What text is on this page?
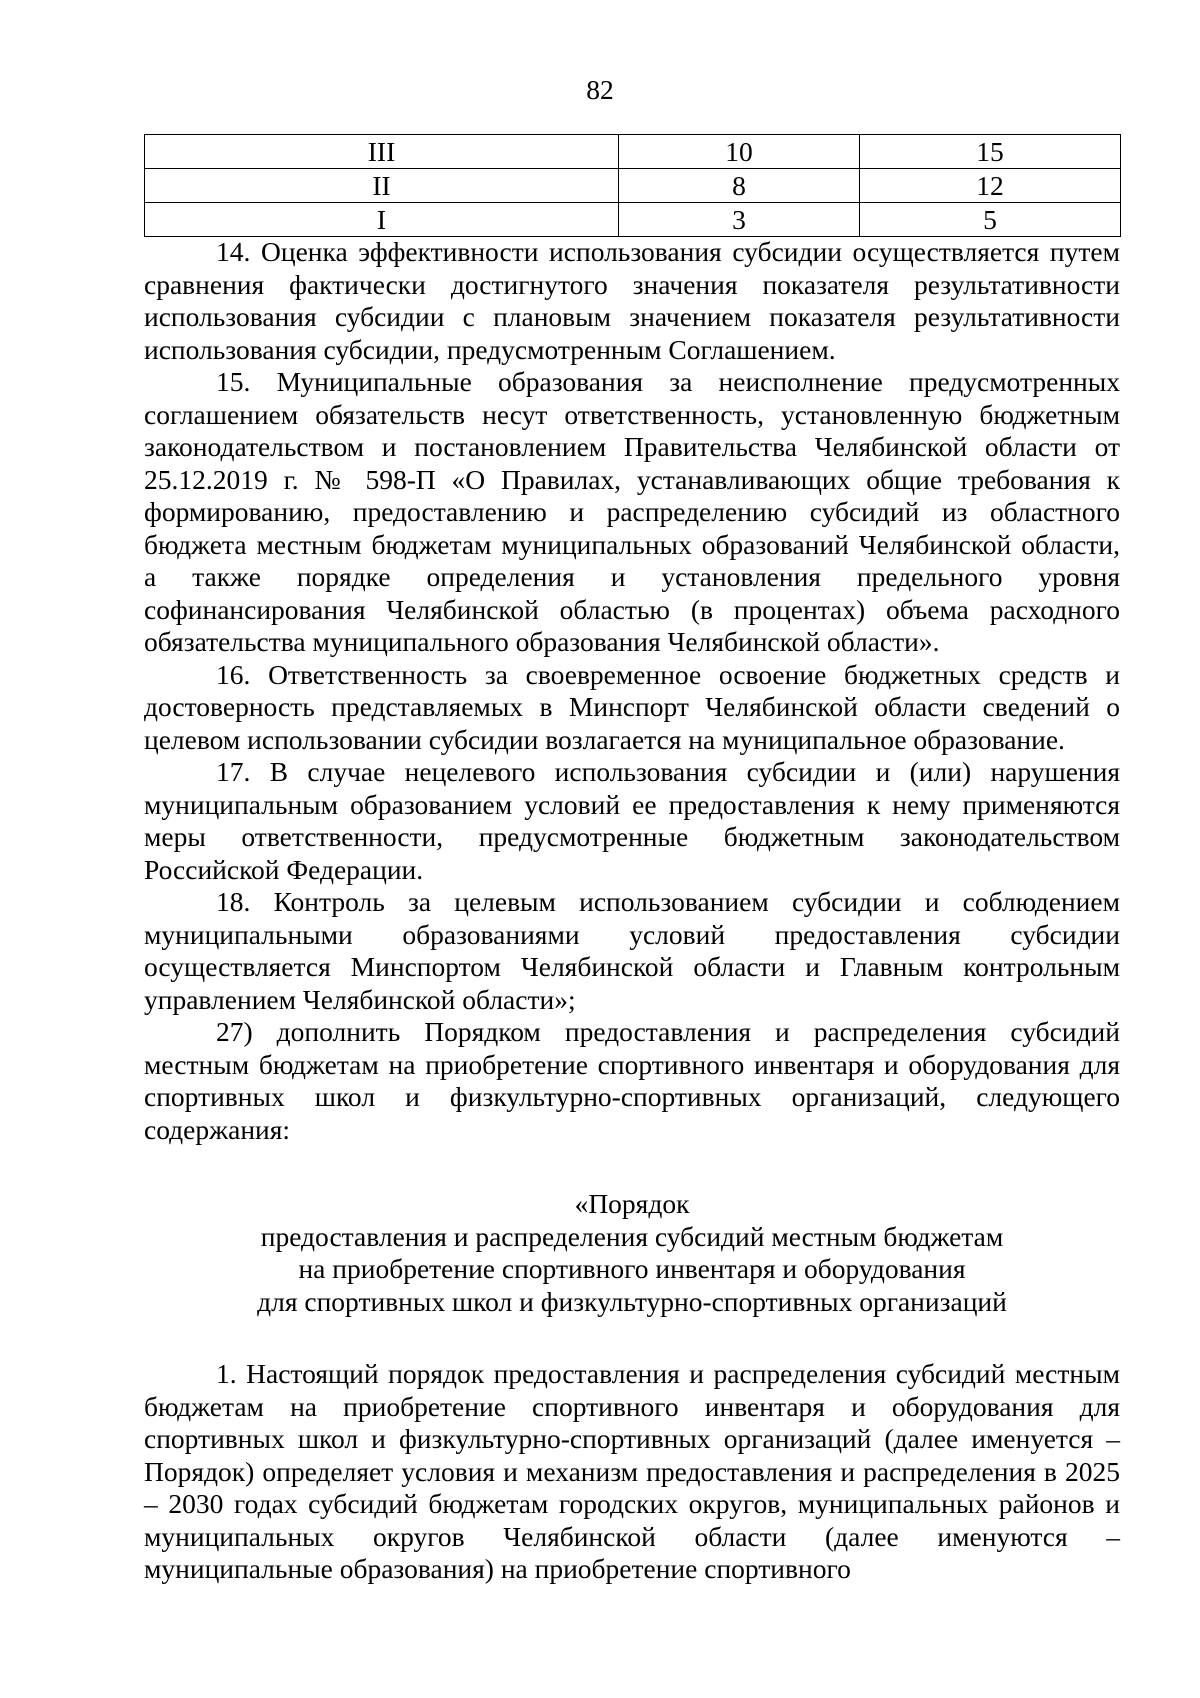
82
III	10	15
II	8	12
I	3	5

14. Оценка эффективности использования субсидии осуществляется путем сравнения фактически достигнутого значения показателя результативности использования субсидии с плановым значением показателя результативности использования субсидии, предусмотренным Соглашением.

15. Муниципальные образования за неисполнение предусмотренных соглашением обязательств несут ответственность, установленную бюджетным законодательством и постановлением Правительства Челябинской области от 25.12.2019 г. № 598-П «О Правилах, устанавливающих общие требования к формированию, предоставлению и распределению субсидий из областного бюджета местным бюджетам муниципальных образований Челябинской области, а также порядке определения и установления предельного уровня софинансирования Челябинской областью (в процентах) объема расходного обязательства муниципального образования Челябинской области».

16. Ответственность за своевременное освоение бюджетных средств и достоверность представляемых в Минспорт Челябинской области сведений о целевом использовании субсидии возлагается на муниципальное образование.

17. В случае нецелевого использования субсидии и (или) нарушения муниципальным образованием условий ее предоставления к нему применяются меры ответственности, предусмотренные бюджетным законодательством Российской Федерации.

18. Контроль за целевым использованием субсидии и соблюдением муниципальными образованиями условий предоставления субсидии осуществляется Минспортом Челябинской области и Главным контрольным управлением Челябинской области»;

27) дополнить Порядком предоставления и распределения субсидий местным бюджетам на приобретение спортивного инвентаря и оборудования для спортивных школ и физкультурно-спортивных организаций, следующего содержания:

«Порядок
предоставления и распределения субсидий местным бюджетам
на приобретение спортивного инвентаря и оборудования
для спортивных школ и физкультурно-спортивных организаций

1. Настоящий порядок предоставления и распределения субсидий местным бюджетам на приобретение спортивного инвентаря и оборудования для спортивных школ и физкультурно-спортивных организаций (далее именуется – Порядок) определяет условия и механизм предоставления и распределения в 2025 – 2030 годах субсидий бюджетам городских округов, муниципальных районов и муниципальных округов Челябинской области (далее именуются – муниципальные образования) на приобретение спортивного
